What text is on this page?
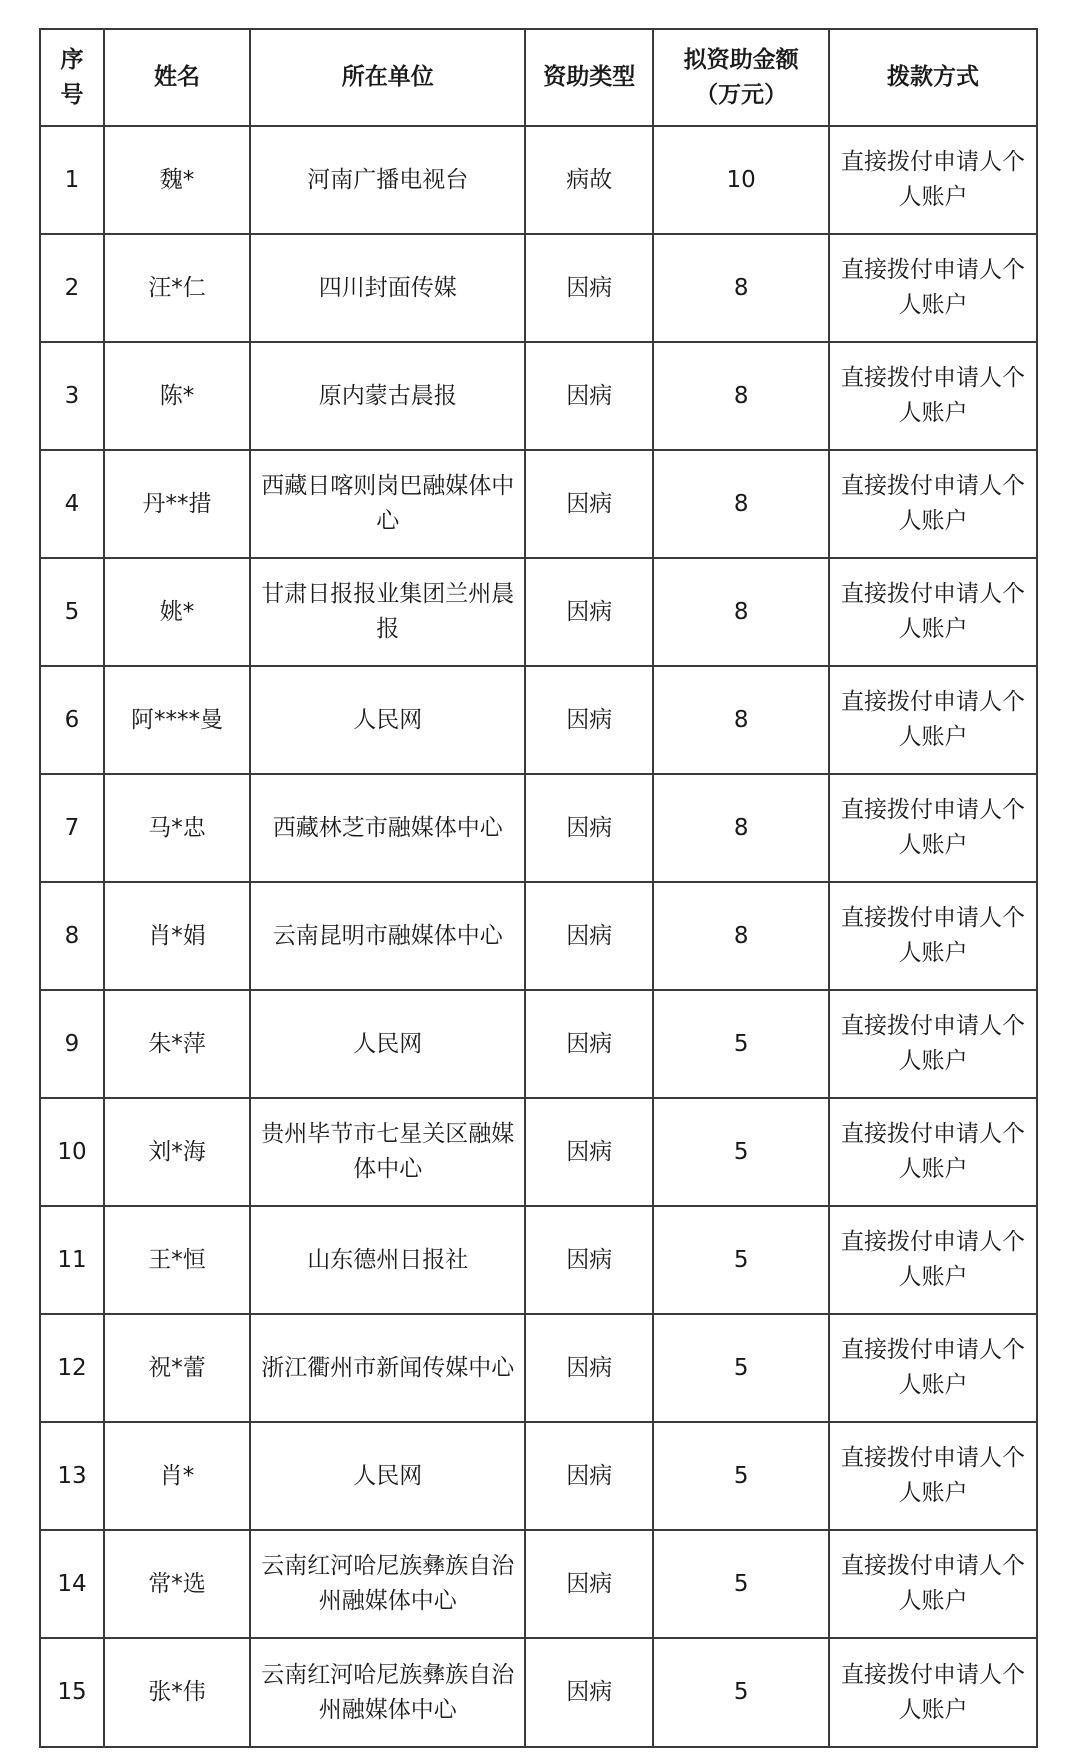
序号	姓名	所在单位	资助类型	拟资助金额（万元）	拨款方式
1	魏*	河南广播电视台	病故	10	直接拨付申请人个人账户
2	汪*仁	四川封面传媒	因病	8	直接拨付申请人个人账户
3	陈*	原内蒙古晨报	因病	8	直接拨付申请人个人账户
4	丹**措	西藏日喀则岗巴融媒体中心	因病	8	直接拨付申请人个人账户
5	姚*	甘肃日报报业集团兰州晨报	因病	8	直接拨付申请人个人账户
6	阿****曼	人民网	因病	8	直接拨付申请人个人账户
7	马*忠	西藏林芝市融媒体中心	因病	8	直接拨付申请人个人账户
8	肖*娟	云南昆明市融媒体中心	因病	8	直接拨付申请人个人账户
9	朱*萍	人民网	因病	5	直接拨付申请人个人账户
10	刘*海	贵州毕节市七星关区融媒体中心	因病	5	直接拨付申请人个人账户
11	王*恒	山东德州日报社	因病	5	直接拨付申请人个人账户
12	祝*蕾	浙江衢州市新闻传媒中心	因病	5	直接拨付申请人个人账户
13	肖*	人民网	因病	5	直接拨付申请人个人账户
14	常*选	云南红河哈尼族彝族自治州融媒体中心	因病	5	直接拨付申请人个人账户
15	张*伟	云南红河哈尼族彝族自治州融媒体中心	因病	5	直接拨付申请人个人账户
